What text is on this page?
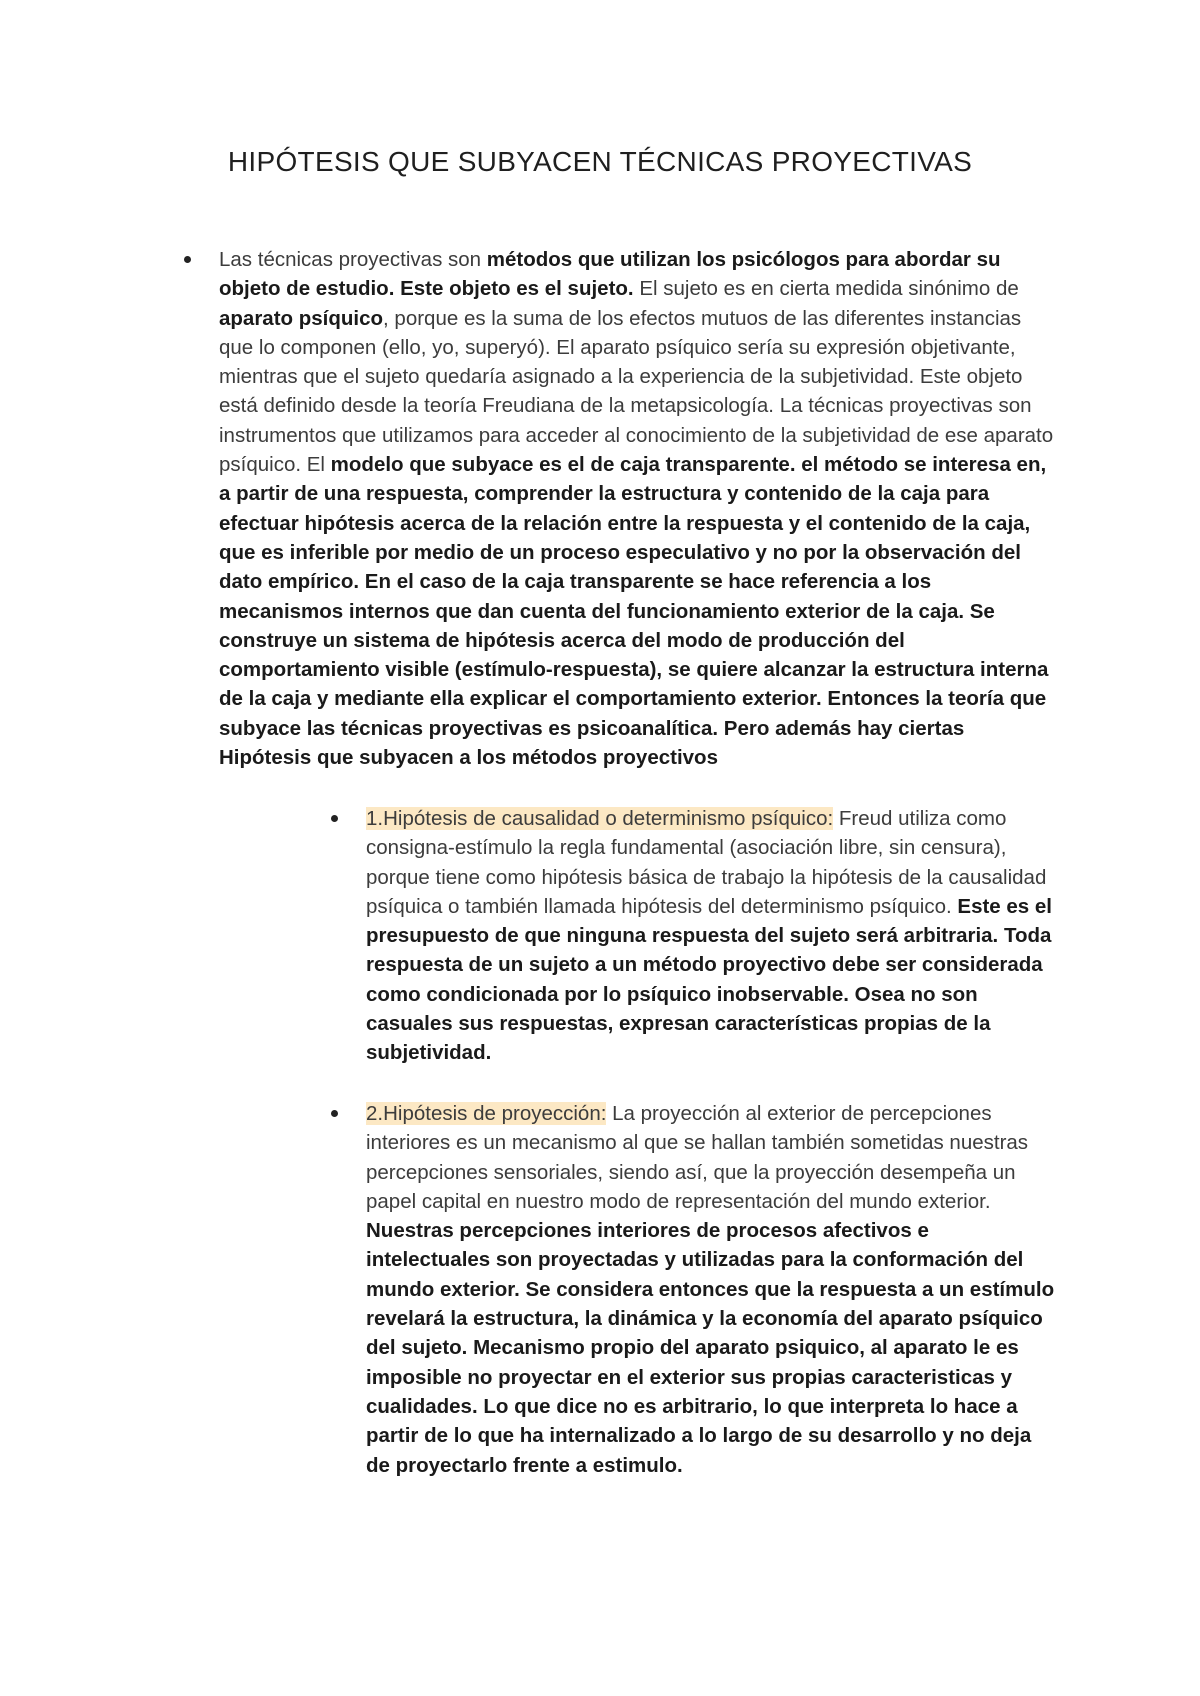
HIPÓTESIS QUE SUBYACEN TÉCNICAS PROYECTIVAS
Las técnicas proyectivas son métodos que utilizan los psicólogos para abordar su objeto de estudio. Este objeto es el sujeto. El sujeto es en cierta medida sinónimo de aparato psíquico, porque es la suma de los efectos mutuos de las diferentes instancias que lo componen (ello, yo, superyó). El aparato psíquico sería su expresión objetivante, mientras que el sujeto quedaría asignado a la experiencia de la subjetividad. Este objeto está definido desde la teoría Freudiana de la metapsicología. La técnicas proyectivas son instrumentos que utilizamos para acceder al conocimiento de la subjetividad de ese aparato psíquico. El modelo que subyace es el de caja transparente. el método se interesa en, a partir de una respuesta, comprender la estructura y contenido de la caja para efectuar hipótesis acerca de la relación entre la respuesta y el contenido de la caja, que es inferible por medio de un proceso especulativo y no por la observación del dato empírico. En el caso de la caja transparente se hace referencia a los mecanismos internos que dan cuenta del funcionamiento exterior de la caja. Se construye un sistema de hipótesis acerca del modo de producción del comportamiento visible (estímulo-respuesta), se quiere alcanzar la estructura interna de la caja y mediante ella explicar el comportamiento exterior. Entonces la teoría que subyace las técnicas proyectivas es psicoanalítica. Pero además hay ciertas Hipótesis que subyacen a los métodos proyectivos
1.Hipótesis de causalidad o determinismo psíquico: Freud utiliza como consigna-estímulo la regla fundamental (asociación libre, sin censura), porque tiene como hipótesis básica de trabajo la hipótesis de la causalidad psíquica o también llamada hipótesis del determinismo psíquico. Este es el presupuesto de que ninguna respuesta del sujeto será arbitraria. Toda respuesta de un sujeto a un método proyectivo debe ser considerada como condicionada por lo psíquico inobservable. Osea no son casuales sus respuestas, expresan características propias de la subjetividad.
2.Hipótesis de proyección: La proyección al exterior de percepciones interiores es un mecanismo al que se hallan también sometidas nuestras percepciones sensoriales, siendo así, que la proyección desempeña un papel capital en nuestro modo de representación del mundo exterior. Nuestras percepciones interiores de procesos afectivos e intelectuales son proyectadas y utilizadas para la conformación del mundo exterior. Se considera entonces que la respuesta a un estímulo revelará la estructura, la dinámica y la economía del aparato psíquico del sujeto. Mecanismo propio del aparato psiquico, al aparato le es imposible no proyectar en el exterior sus propias caracteristicas y cualidades. Lo que dice no es arbitrario, lo que interpreta lo hace a partir de lo que ha internalizado a lo largo de su desarrollo y no deja de proyectarlo frente a estimulo.
